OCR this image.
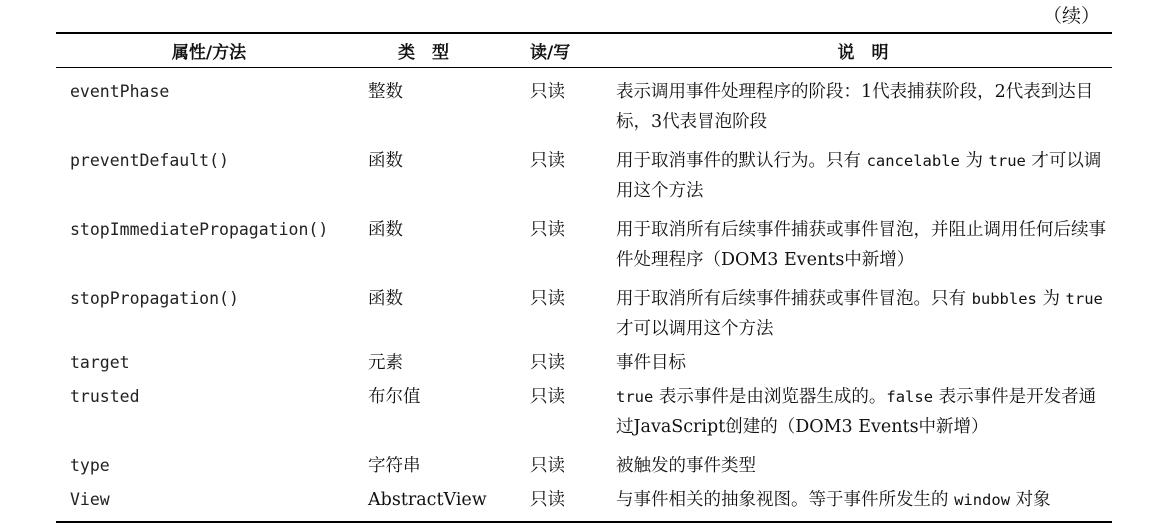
（续）
属性/方法	类　型	读/写	说　明
eventPhase	整数	只读	表示调用事件处理程序的阶段：1代表捕获阶段，2代表到达目标，3代表冒泡阶段
preventDefault()	函数	只读	用于取消事件的默认行为。只有 cancelable 为 true 才可以调用这个方法
stopImmediatePropagation()	函数	只读	用于取消所有后续事件捕获或事件冒泡，并阻止调用任何后续事件处理程序（DOM3 Events中新增）
stopPropagation()	函数	只读	用于取消所有后续事件捕获或事件冒泡。只有 bubbles 为 true 才可以调用这个方法
target	元素	只读	事件目标
trusted	布尔值	只读	true 表示事件是由浏览器生成的。false 表示事件是开发者通过JavaScript创建的（DOM3 Events中新增）
type	字符串	只读	被触发的事件类型
View	AbstractView	只读	与事件相关的抽象视图。等于事件所发生的 window 对象
